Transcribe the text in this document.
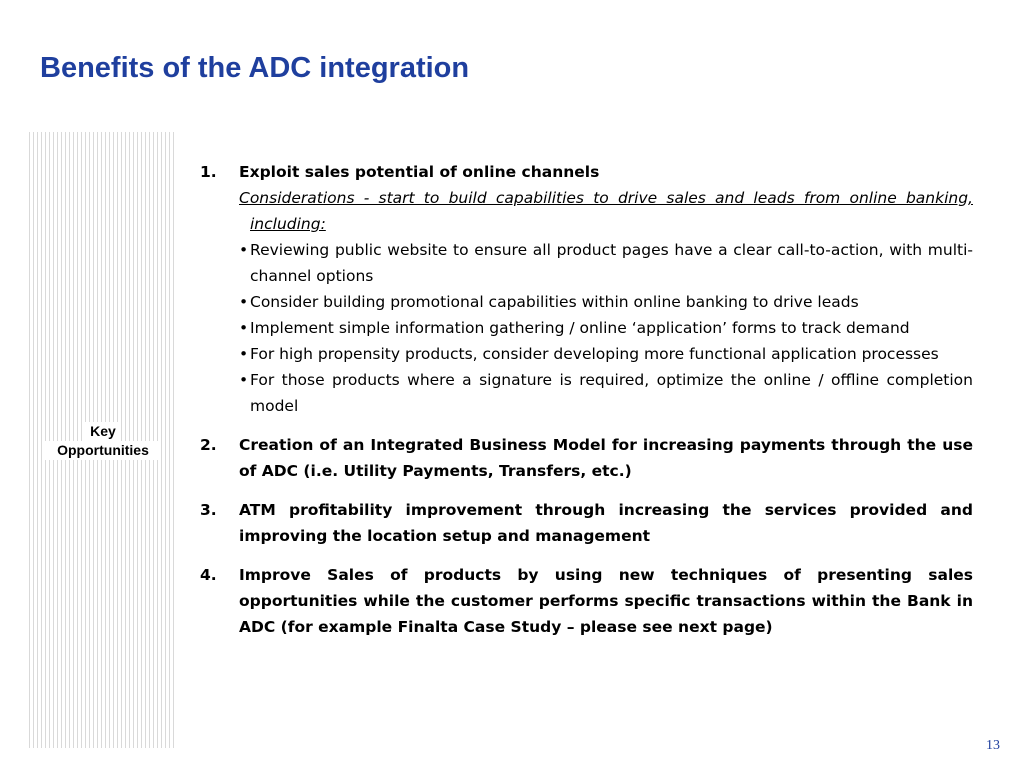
Benefits of the ADC integration
Key
Opportunities
1. Exploit sales potential of online channels
Considerations - start to build capabilities to drive sales and leads from online banking, including:
• Reviewing public website to ensure all product pages have a clear call-to-action, with multi-channel options
• Consider building promotional capabilities within online banking to drive leads
• Implement simple information gathering / online ‘application’ forms to track demand
• For high propensity products, consider developing more functional application processes
• For those products where a signature is required, optimize the online / offline completion model
2. Creation of an Integrated Business Model for increasing payments through the use of ADC (i.e. Utility Payments, Transfers, etc.)
3. ATM profitability improvement through increasing the services provided and improving the location setup and management
4. Improve Sales of products by using new techniques of presenting sales opportunities while the customer performs specific transactions within the Bank in ADC (for example Finalta Case Study – please see next page)
13
